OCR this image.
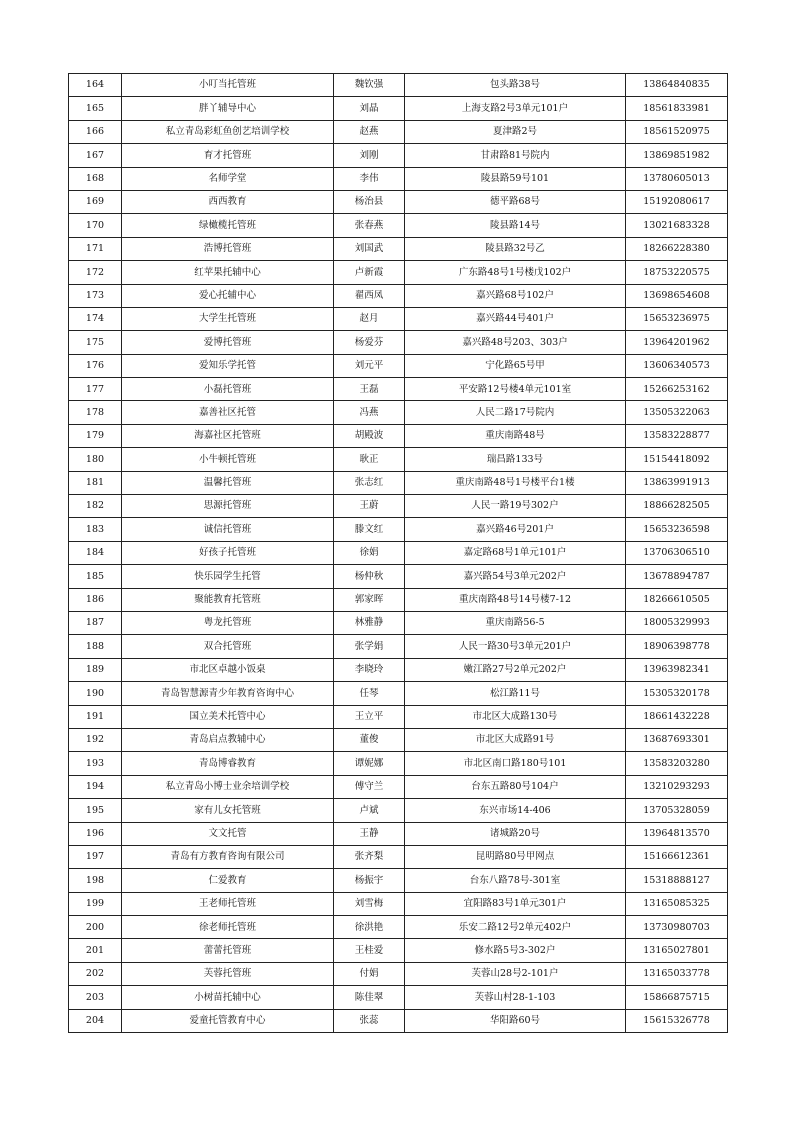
164	小叮当托管班	魏钦强	包头路38号	13864840835
165	胖丫辅导中心	刘晶	上海支路2号3单元101户	18561833981
166	私立青岛彩虹鱼创艺培训学校	赵燕	夏津路2号	18561520975
167	育才托管班	刘刚	甘肃路81号院内	13869851982
168	名师学堂	李伟	陵县路59号101	13780605013
169	西西教育	杨治县	德平路68号	15192080617
170	绿橄榄托管班	张春燕	陵县路14号	13021683328
171	浩博托管班	刘国武	陵县路32号乙	18266228380
172	红苹果托辅中心	卢新霞	广东路48号1号楼戊102户	18753220575
173	爱心托辅中心	翟西凤	嘉兴路68号102户	13698654608
174	大学生托管班	赵月	嘉兴路44号401户	15653236975
175	爱博托管班	杨爱芬	嘉兴路48号203、303户	13964201962
176	爱知乐学托管	刘元平	宁化路65号甲	13606340573
177	小磊托管班	王磊	平安路12号楼4单元101室	15266253162
178	嘉善社区托管	冯燕	人民二路17号院内	13505322063
179	海嘉社区托管班	胡殿波	重庆南路48号	13583228877
180	小牛顿托管班	耿正	瑞昌路133号	15154418092
181	温馨托管班	张志红	重庆南路48号1号楼平台1楼	13863991913
182	思源托管班	王蔚	人民一路19号302户	18866282505
183	诚信托管班	滕文红	嘉兴路46号201户	15653236598
184	好孩子托管班	徐娟	嘉定路68号1单元101户	13706306510
185	快乐园学生托管	杨仲秋	嘉兴路54号3单元202户	13678894787
186	聚能教育托管班	郭家晖	重庆南路48号14号楼7-12	18266610505
187	粤龙托管班	林雅静	重庆南路56-5	18005329993
188	双合托管班	张学娟	人民一路30号3单元201户	18906398778
189	市北区卓越小饭桌	李晓玲	嫩江路27号2单元202户	13963982341
190	青岛智慧源青少年教育咨询中心	任琴	松江路11号	15305320178
191	国立美术托管中心	王立平	市北区大成路130号	18661432228
192	青岛启点教辅中心	董俊	市北区大成路91号	13687693301
193	青岛博睿教育	谭妮娜	市北区南口路180号101	13583203280
194	私立青岛小博士业余培训学校	傅守兰	台东五路80号104户	13210293293
195	家有儿女托管班	卢斌	东兴市场14-406	13705328059
196	文文托管	王静	诸城路20号	13964813570
197	青岛有方教育咨询有限公司	张齐梨	昆明路80号甲网点	15166612361
198	仁爱教育	杨振宇	台东八路78号-301室	15318888127
199	王老师托管班	刘雪梅	宜阳路83号1单元301户	13165085325
200	徐老师托管班	徐洪艳	乐安二路12号2单元402户	13730980703
201	蕾蕾托管班	王桂爱	修水路5号3-302户	13165027801
202	芙蓉托管班	付娟	芙蓉山28号2-101户	13165033778
203	小树苗托辅中心	陈佳翠	芙蓉山村28-1-103	15866875715
204	爱童托管教育中心	张蕊	华阳路60号	15615326778
